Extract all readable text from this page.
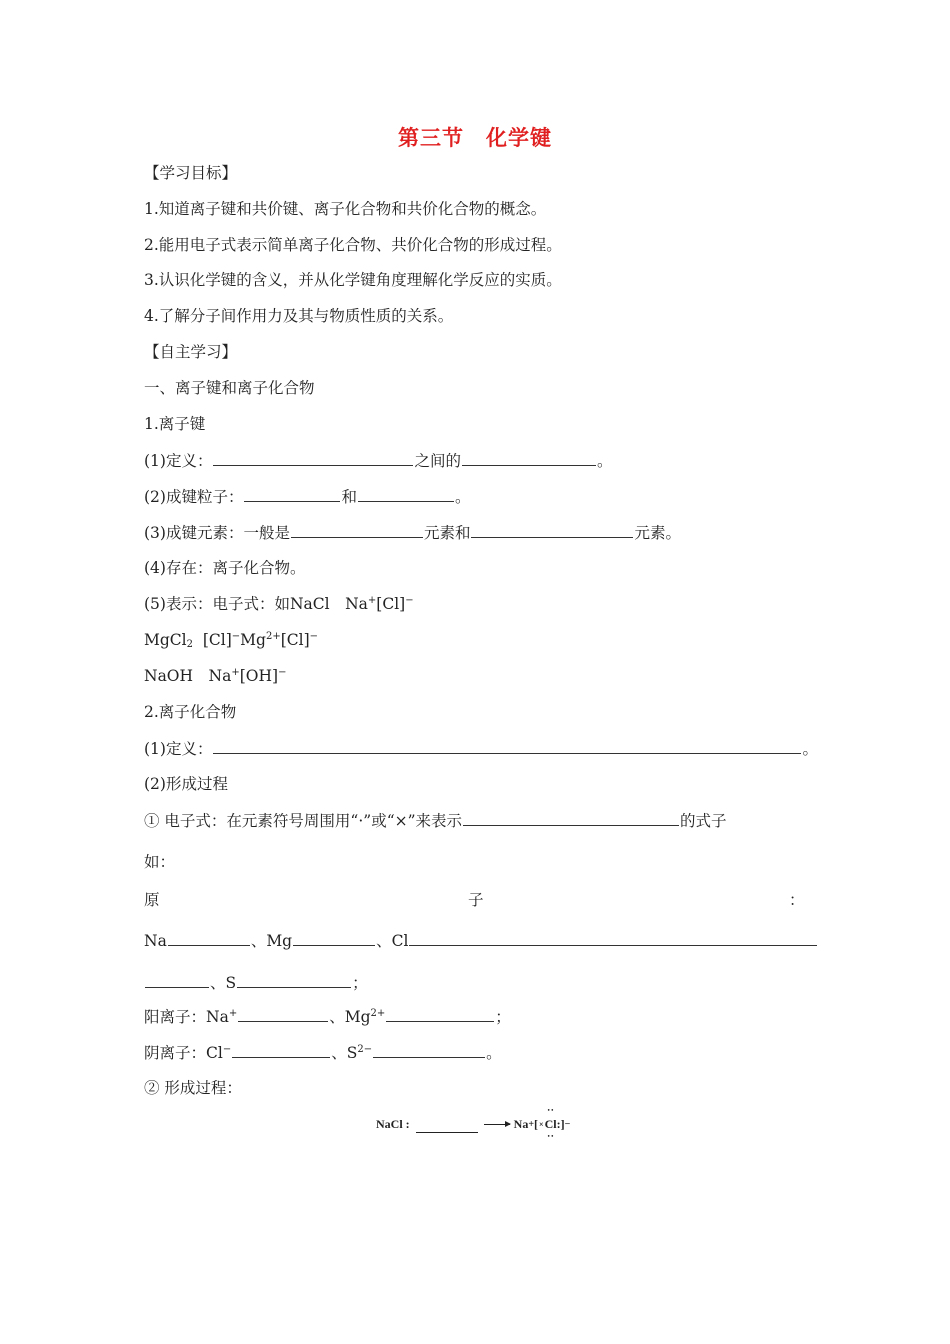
第三节　化学键
【学习目标】
1.知道离子键和共价键、离子化合物和共价化合物的概念。
2.能用电子式表示简单离子化合物、共价化合物的形成过程。
3.认识化学键的含义，并从化学键角度理解化学反应的实质。
4.了解分子间作用力及其与物质性质的关系。
【自主学习】
一、离子键和离子化合物
1.离子键
(1)定义：	之间的	。
(2)成键粒子：	和	。
(3)成键元素：一般是	元素和	元素。
(4)存在：离子化合物。
(5)表示：电子式：如NaCl　Na+[Cl]−
MgCl$_2$ $[Cl]^-Mg^{2+}[Cl]^-$
NaOH　Na+[OH]−
2.离子化合物
(1)定义：	。
(2)形成过程
① 电子式：在元素符号周围用“·”或“×”来表示	的式子
如：
原	子	：
Na	、Mg	、Cl
、S	；
阳离子：Na+	、$Mg^{2+}$	；
阴离子：Cl−	、$S^{2-}$	。
② 形成过程：
NaCl :	→ Na + [ × • • Cl • • :] −
